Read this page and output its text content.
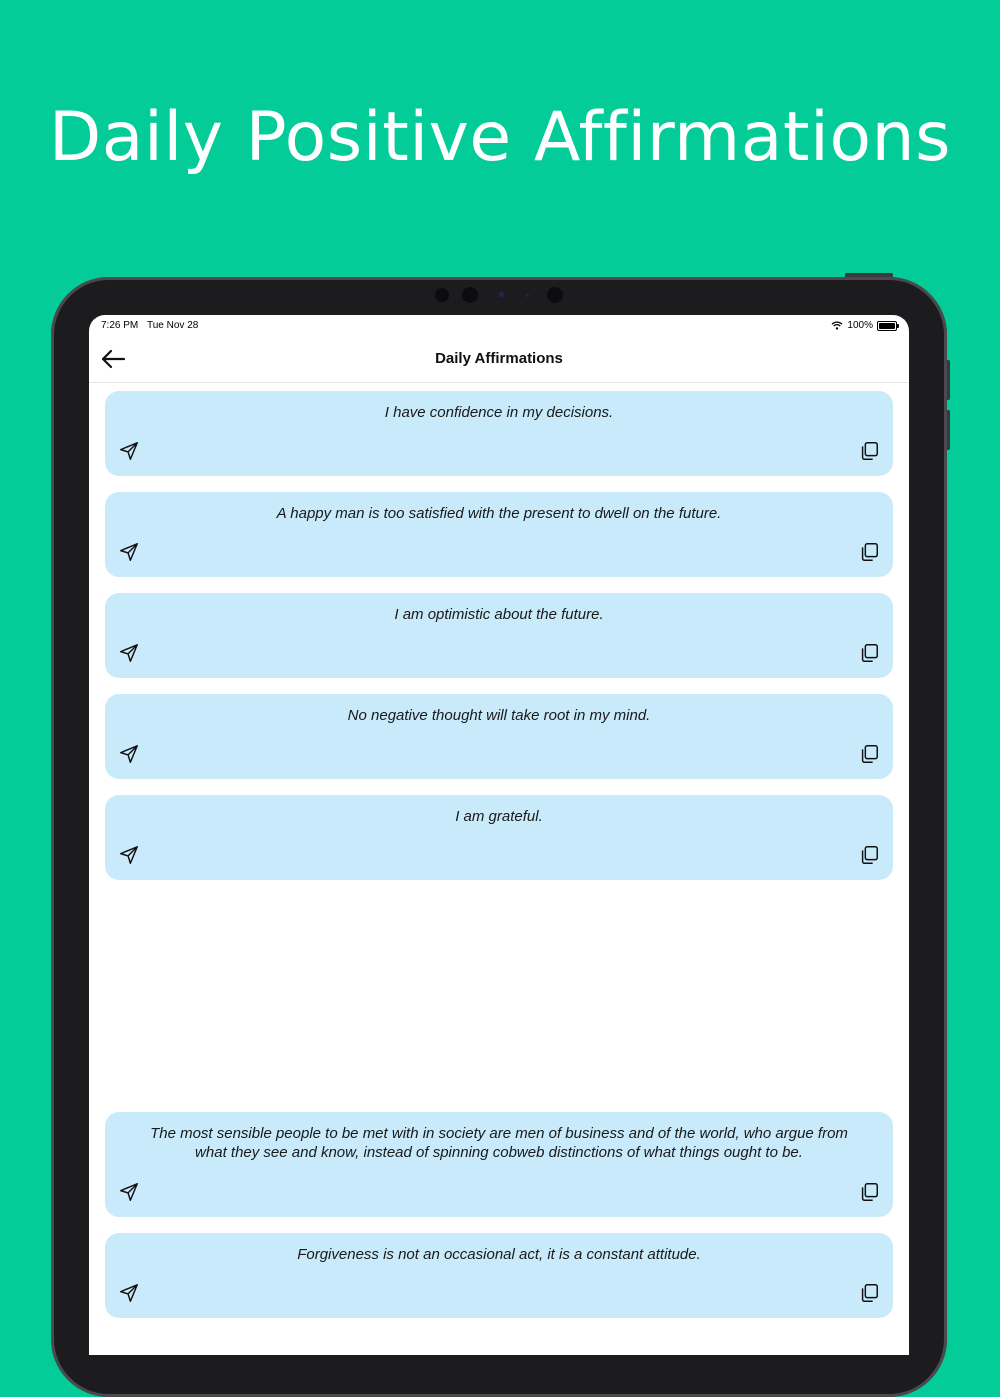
Daily Positive Affirmations
7:26 PM Tue Nov 28	100%
Daily Affirmations
I have confidence in my decisions.
A happy man is too satisfied with the present to dwell on the future.
I am optimistic about the future.
No negative thought will take root in my mind.
I am grateful.
The most sensible people to be met with in society are men of business and of the world, who argue from what they see and know, instead of spinning cobweb distinctions of what things ought to be.
Forgiveness is not an occasional act, it is a constant attitude.
